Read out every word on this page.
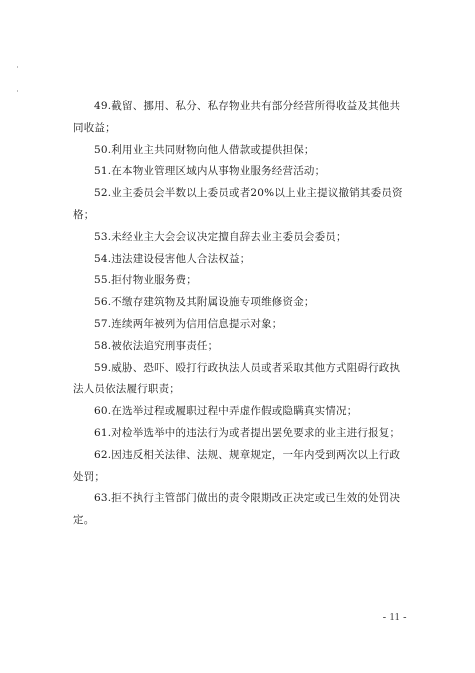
49.截留、挪用、私分、私存物业共有部分经营所得收益及其他共同收益；

50.利用业主共同财物向他人借款或提供担保；

51.在本物业管理区域内从事物业服务经营活动；

52.业主委员会半数以上委员或者20%以上业主提议撤销其委员资格；

53.未经业主大会会议决定擅自辞去业主委员会委员；

54.违法建设侵害他人合法权益；

55.拒付物业服务费；

56.不缴存建筑物及其附属设施专项维修资金；

57.连续两年被列为信用信息提示对象；

58.被依法追究刑事责任；

59.威胁、恐吓、殴打行政执法人员或者采取其他方式阻碍行政执法人员依法履行职责；

60.在选举过程或履职过程中弄虚作假或隐瞒真实情况；

61.对检举选举中的违法行为或者提出罢免要求的业主进行报复；

62.因违反相关法律、法规、规章规定，一年内受到两次以上行政处罚；

63.拒不执行主管部门做出的责令限期改正决定或已生效的处罚决定。

- 11 -
